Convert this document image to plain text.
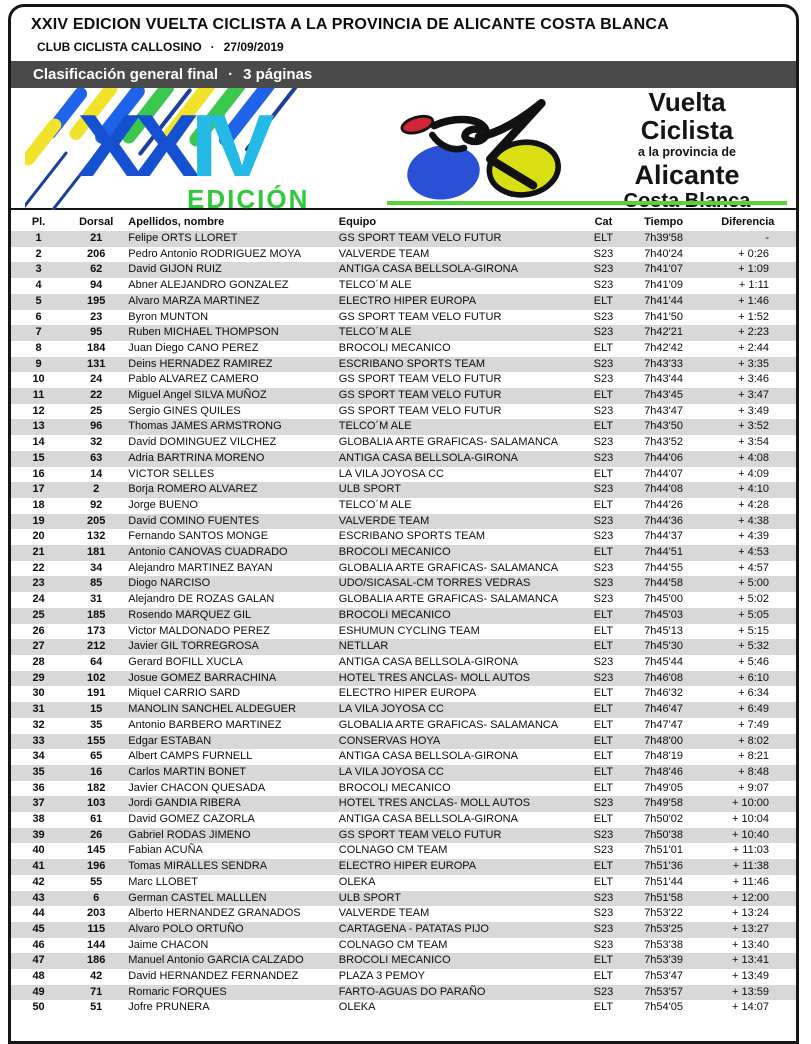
XXIV EDICION VUELTA CICLISTA A LA PROVINCIA DE ALICANTE COSTA BLANCA
CLUB CICLISTA CALLOSINO · 27/09/2019
Clasificación general final · 3 páginas
XXIV
EDICIÓN
Vuelta
Ciclista
a la provincia de
Alicante
Pl.	Dorsal	Apellidos, nombre	Equipo	Cat	Tiempo	Diferencia
1	21	Felipe ORTS LLORET	GS SPORT TEAM VELO FUTUR	ELT	7h39'58	-
2	206	Pedro Antonio RODRIGUEZ MOYA	VALVERDE TEAM	S23	7h40'24	+ 0:26
3	62	David GIJON RUIZ	ANTIGA CASA BELLSOLA-GIRONA	S23	7h41'07	+ 1:09
4	94	Abner ALEJANDRO GONZALEZ	TELCO´M ALE	S23	7h41'09	+ 1:11
5	195	Alvaro MARZA MARTINEZ	ELECTRO HIPER EUROPA	ELT	7h41'44	+ 1:46
6	23	Byron MUNTON	GS SPORT TEAM VELO FUTUR	S23	7h41'50	+ 1:52
7	95	Ruben MICHAEL THOMPSON	TELCO´M ALE	S23	7h42'21	+ 2:23
8	184	Juan Diego CANO PEREZ	BROCOLI MECANICO	ELT	7h42'42	+ 2:44
9	131	Deins HERNADEZ RAMIREZ	ESCRIBANO SPORTS TEAM	S23	7h43'33	+ 3:35
10	24	Pablo ALVAREZ CAMERO	GS SPORT TEAM VELO FUTUR	S23	7h43'44	+ 3:46
11	22	Miguel Angel SILVA MUÑOZ	GS SPORT TEAM VELO FUTUR	ELT	7h43'45	+ 3:47
12	25	Sergio GINES QUILES	GS SPORT TEAM VELO FUTUR	S23	7h43'47	+ 3:49
13	96	Thomas JAMES ARMSTRONG	TELCO´M ALE	ELT	7h43'50	+ 3:52
14	32	David DOMINGUEZ VILCHEZ	GLOBALIA ARTE GRAFICAS- SALAMANCA	S23	7h43'52	+ 3:54
15	63	Adria BARTRINA MORENO	ANTIGA CASA BELLSOLA-GIRONA	S23	7h44'06	+ 4:08
16	14	VICTOR SELLES	LA VILA JOYOSA CC	ELT	7h44'07	+ 4:09
17	2	Borja ROMERO ALVAREZ	ULB SPORT	S23	7h44'08	+ 4:10
18	92	Jorge BUENO	TELCO´M ALE	ELT	7h44'26	+ 4:28
19	205	David COMINO FUENTES	VALVERDE TEAM	S23	7h44'36	+ 4:38
20	132	Fernando SANTOS MONGE	ESCRIBANO SPORTS TEAM	S23	7h44'37	+ 4:39
21	181	Antonio CANOVAS CUADRADO	BROCOLI MECANICO	ELT	7h44'51	+ 4:53
22	34	Alejandro MARTINEZ BAYAN	GLOBALIA ARTE GRAFICAS- SALAMANCA	S23	7h44'55	+ 4:57
23	85	Diogo NARCISO	UDO/SICASAL-CM TORRES VEDRAS	S23	7h44'58	+ 5:00
24	31	Alejandro DE ROZAS GALAN	GLOBALIA ARTE GRAFICAS- SALAMANCA	S23	7h45'00	+ 5:02
25	185	Rosendo MARQUEZ GIL	BROCOLI MECANICO	ELT	7h45'03	+ 5:05
26	173	Victor MALDONADO PEREZ	ESHUMUN CYCLING TEAM	ELT	7h45'13	+ 5:15
27	212	Javier GIL TORREGROSA	NETLLAR	ELT	7h45'30	+ 5:32
28	64	Gerard BOFILL XUCLA	ANTIGA CASA BELLSOLA-GIRONA	S23	7h45'44	+ 5:46
29	102	Josue GOMEZ BARRACHINA	HOTEL TRES ANCLAS- MOLL AUTOS	S23	7h46'08	+ 6:10
30	191	Miquel CARRIO SARD	ELECTRO HIPER EUROPA	ELT	7h46'32	+ 6:34
31	15	MANOLIN SANCHEL ALDEGUER	LA VILA JOYOSA CC	ELT	7h46'47	+ 6:49
32	35	Antonio BARBERO MARTINEZ	GLOBALIA ARTE GRAFICAS- SALAMANCA	ELT	7h47'47	+ 7:49
33	155	Edgar ESTABAN	CONSERVAS HOYA	ELT	7h48'00	+ 8:02
34	65	Albert CAMPS FURNELL	ANTIGA CASA BELLSOLA-GIRONA	ELT	7h48'19	+ 8:21
35	16	Carlos MARTIN BONET	LA VILA JOYOSA CC	ELT	7h48'46	+ 8:48
36	182	Javier CHACON QUESADA	BROCOLI MECANICO	ELT	7h49'05	+ 9:07
37	103	Jordi GANDIA RIBERA	HOTEL TRES ANCLAS- MOLL AUTOS	S23	7h49'58	+ 10:00
38	61	David GOMEZ CAZORLA	ANTIGA CASA BELLSOLA-GIRONA	ELT	7h50'02	+ 10:04
39	26	Gabriel RODAS JIMENO	GS SPORT TEAM VELO FUTUR	S23	7h50'38	+ 10:40
40	145	Fabian ACUÑA	COLNAGO CM TEAM	S23	7h51'01	+ 11:03
41	196	Tomas MIRALLES SENDRA	ELECTRO HIPER EUROPA	ELT	7h51'36	+ 11:38
42	55	Marc LLOBET	OLEKA	ELT	7h51'44	+ 11:46
43	6	German CASTEL MALLLEN	ULB SPORT	S23	7h51'58	+ 12:00
44	203	Alberto HERNANDEZ GRANADOS	VALVERDE TEAM	S23	7h53'22	+ 13:24
45	115	Alvaro POLO ORTUÑO	CARTAGENA - PATATAS PIJO	S23	7h53'25	+ 13:27
46	144	Jaime CHACON	COLNAGO CM TEAM	S23	7h53'38	+ 13:40
47	186	Manuel Antonio GARCIA CALZADO	BROCOLI MECANICO	ELT	7h53'39	+ 13:41
48	42	David HERNANDEZ FERNANDEZ	PLAZA 3 PEMOY	ELT	7h53'47	+ 13:49
49	71	Romaric FORQUES	FARTO-AGUAS DO PARAÑO	S23	7h53'57	+ 13:59
50	51	Jofre PRUNERA	OLEKA	ELT	7h54'05	+ 14:07
